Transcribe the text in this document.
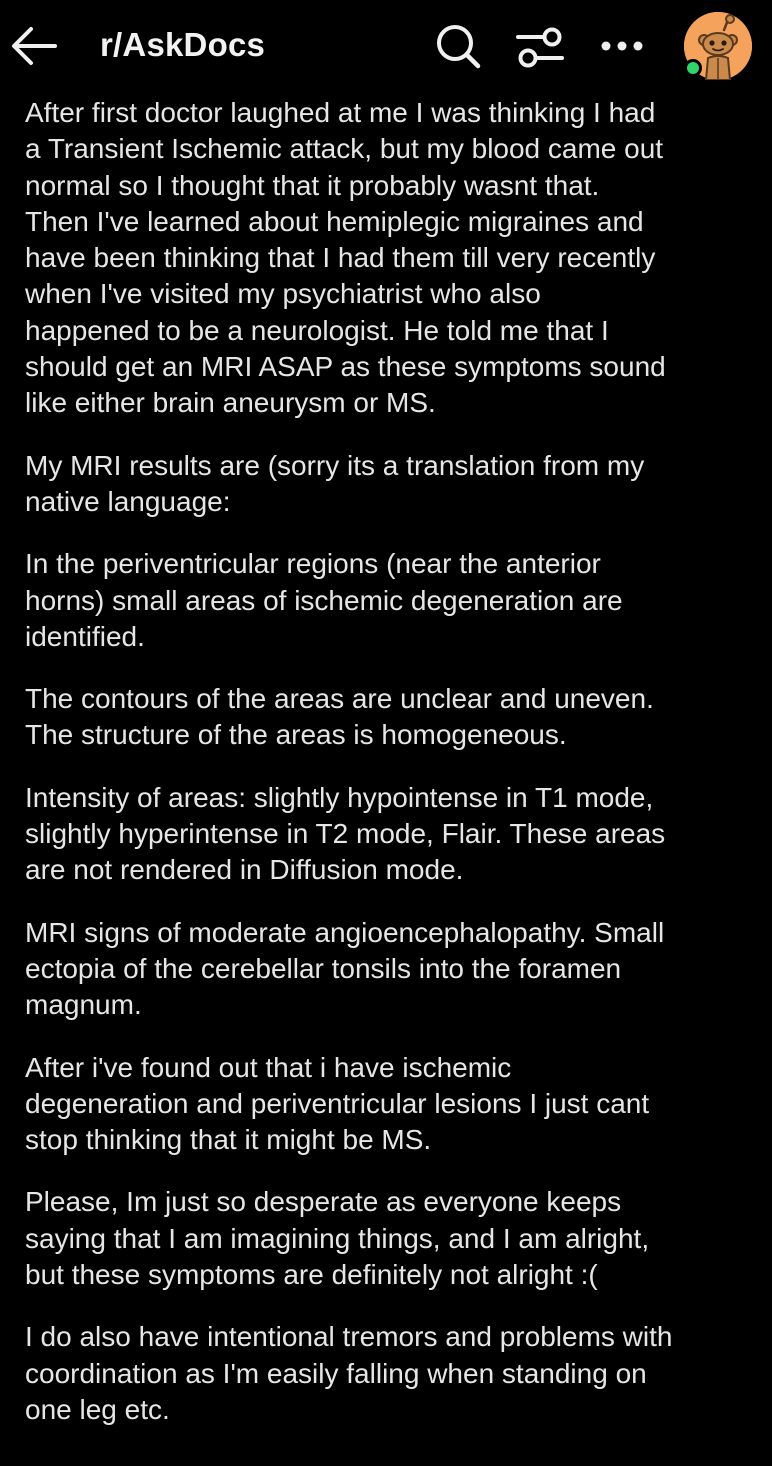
r/AskDocs

After first doctor laughed at me I was thinking I had
a Transient Ischemic attack, but my blood came out
normal so I thought that it probably wasnt that.
Then I've learned about hemiplegic migraines and
have been thinking that I had them till very recently
when I've visited my psychiatrist who also
happened to be a neurologist. He told me that I
should get an MRI ASAP as these symptoms sound
like either brain aneurysm or MS.

My MRI results are (sorry its a translation from my
native language:

In the periventricular regions (near the anterior
horns) small areas of ischemic degeneration are
identified.

The contours of the areas are unclear and uneven.
The structure of the areas is homogeneous.

Intensity of areas: slightly hypointense in T1 mode,
slightly hyperintense in T2 mode, Flair. These areas
are not rendered in Diffusion mode.

MRI signs of moderate angioencephalopathy. Small
ectopia of the cerebellar tonsils into the foramen
magnum.

After i've found out that i have ischemic
degeneration and periventricular lesions I just cant
stop thinking that it might be MS.

Please, Im just so desperate as everyone keeps
saying that I am imagining things, and I am alright,
but these symptoms are definitely not alright :(

I do also have intentional tremors and problems with
coordination as I'm easily falling when standing on
one leg etc.
